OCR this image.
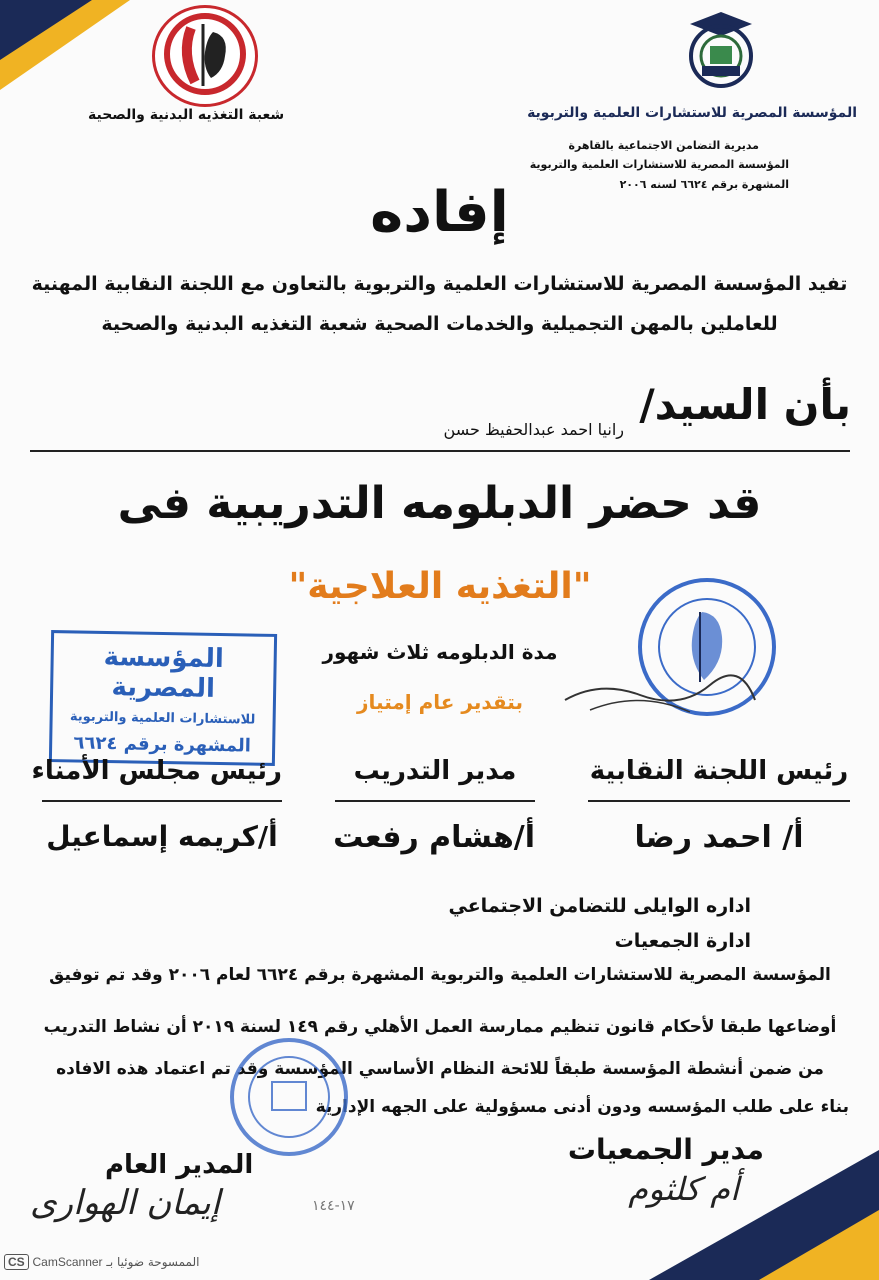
المؤسسة المصرية للاستشارات العلمية والتربوية
مديرية التضامن الاجتماعية بالقاهرة
المؤسسة المصرية للاستشارات العلمية والتربوية
المشهرة برقم ٦٦٢٤ لسنه ٢٠٠٦
شعبة التغذيه البدنية والصحية
إفاده
تفيد المؤسسة المصرية للاستشارات العلمية والتربوية بالتعاون مع اللجنة النقابية المهنية
للعاملين بالمهن التجميلية والخدمات الصحية شعبة التغذيه البدنية والصحية
بأن السيد/
رانيا احمد عبدالحفيظ حسن
قد حضر الدبلومه التدريبية فى
"التغذيه العلاجية"
مدة الدبلومه ثلاث شهور
بتقدير عام إمتياز
المؤسسة المصرية
للاستشارات العلمية والتربوية
المشهرة برقم ٦٦٢٤
رئيس اللجنة النقابية
أ/ احمد رضا
مدير التدريب
أ/هشام رفعت
رئيس مجلس الأمناء
أ/كريمه إسماعيل
اداره الوايلى للتضامن الاجتماعي
ادارة الجمعيات
المؤسسة المصرية للاستشارات العلمية والتربوية المشهرة برقم ٦٦٢٤ لعام ٢٠٠٦ وقد تم توفيق
أوضاعها طبقا لأحكام قانون تنظيم ممارسة العمل الأهلي رقم ١٤٩ لسنة ٢٠١٩ أن نشاط التدريب
من ضمن أنشطة المؤسسة طبقاً للائحة النظام الأساسي المؤسسة وقد تم اعتماد هذه الافاده
بناء على طلب المؤسسه ودون أدنى مسؤولية على الجهه الإدارية
مدير الجمعيات
أم كلثوم
المدير العام
إيمان الهوارى	١٧-١٤٤
CS CamScanner الممسوحة ضوئيا بـ
